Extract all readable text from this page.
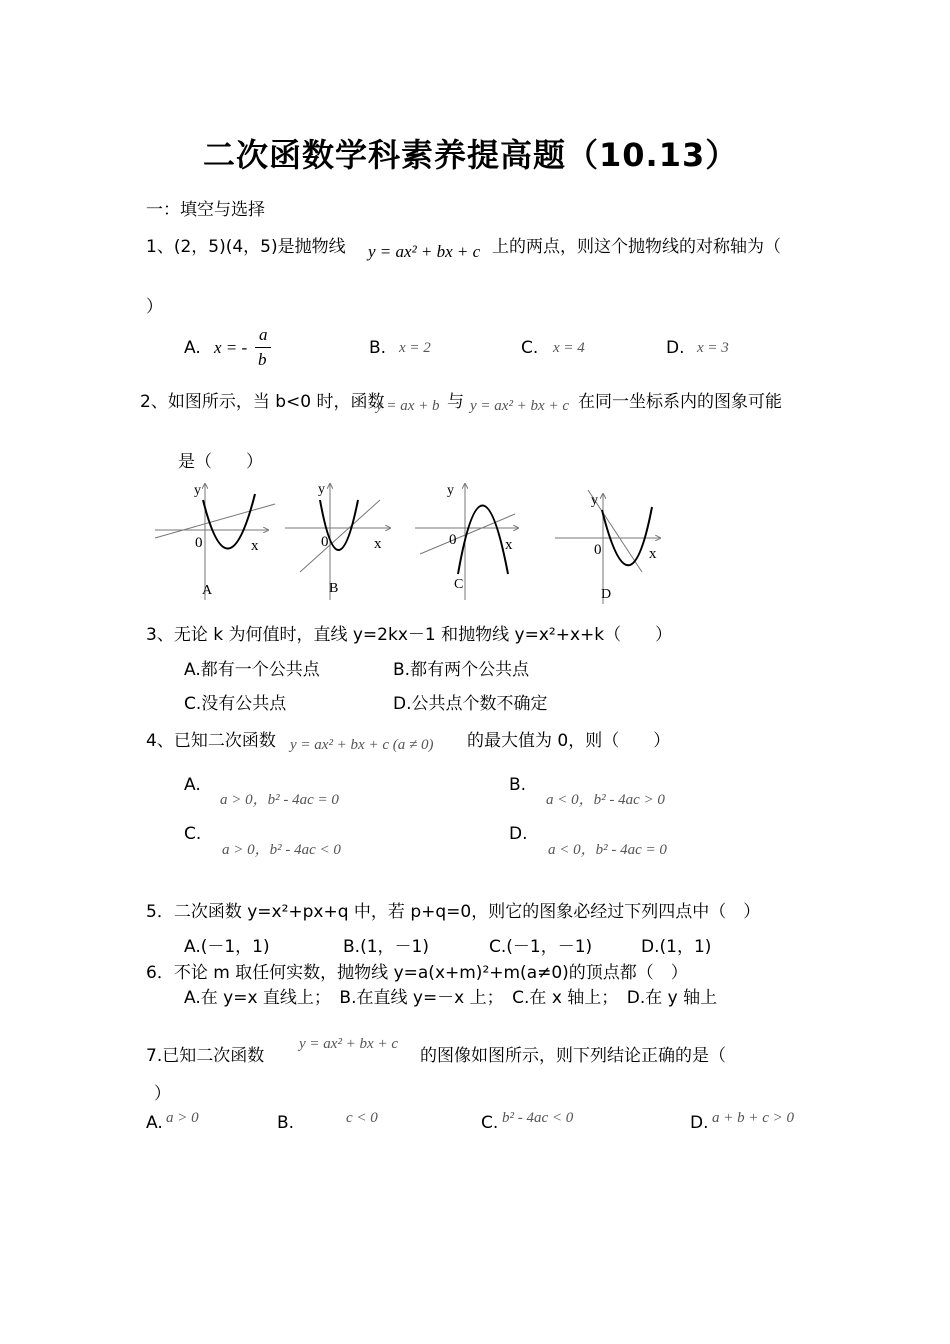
二次函数学科素养提高题（10.13）
一：填空与选择
1、(2，5)(4，5)是抛物线 y = ax² + bx + c 上的两点，则这个抛物线的对称轴为（
）
A. x = -
a
b
B. x = 2	C. x = 4	D. x = 3
2、如图所示，当 b<0 时，函数
y = ax + b 与 y = ax² + bx + c 在同一坐标系内的图象可能
是（　　）
y
0	x
A
y
0	x
B
y
0	x
C
y
0	x
D
3、无论 k 为何值时，直线 y=2kx－1 和抛物线 y=x²+x+k（　　）
A.都有一个公共点	B.都有两个公共点
C.没有公共点	D.公共点个数不确定
4、已知二次函数 y = ax² + bx + c (a ≠ 0) 的最大值为 0，则（　　）
A.
a > 0，b² - 4ac = 0
B.
a < 0，b² - 4ac > 0
C.
a > 0，b² - 4ac < 0
D.
a < 0，b² - 4ac = 0
5．二次函数 y=x²+px+q 中，若 p+q=0，则它的图象必经过下列四点中（　）
A.(－1，1)	B.(1，－1)	C.(－1，－1)	D.(1，1)
6．不论 m 取任何实数，抛物线 y=a(x+m)²+m(a≠0)的顶点都（　）
A.在 y=x 直线上；　B.在直线 y=－x 上；　C.在 x 轴上；　D.在 y 轴上
7.已知二次函数
y = ax² + bx + c
的图像如图所示，则下列结论正确的是（
）
A. a > 0	B.	c < 0	C. b² - 4ac < 0	D. a + b + c > 0
